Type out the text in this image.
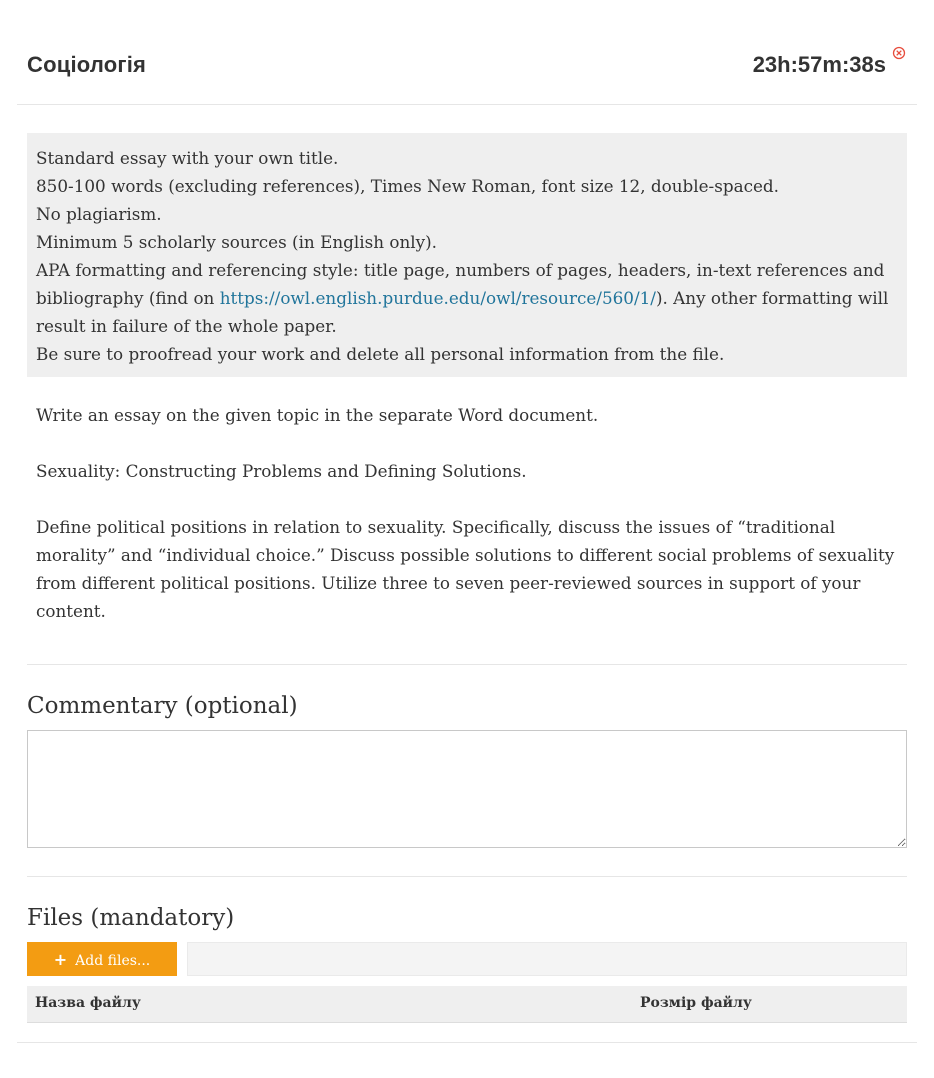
Соціологія	23h:57m:38s

Standard essay with your own title.

850-100 words (excluding references), Times New Roman, font size 12, double-spaced.

No plagiarism.

Minimum 5 scholarly sources (in English only).

APA formatting and referencing style: title page, numbers of pages, headers, in-text references and bibliography (find on https://owl.english.purdue.edu/owl/resource/560/1/). Any other formatting will result in failure of the whole paper.

Be sure to proofread your work and delete all personal information from the file.

Write an essay on the given topic in the separate Word document.

Sexuality: Constructing Problems and Defining Solutions.

Define political positions in relation to sexuality. Specifically, discuss the issues of “traditional morality” and “individual choice.” Discuss possible solutions to different social problems of sexuality from different political positions. Utilize three to seven peer-reviewed sources in support of your content.

Commentary (optional)
Files (mandatory)
+ Add files...
Назва файлу	Розмір файлу
